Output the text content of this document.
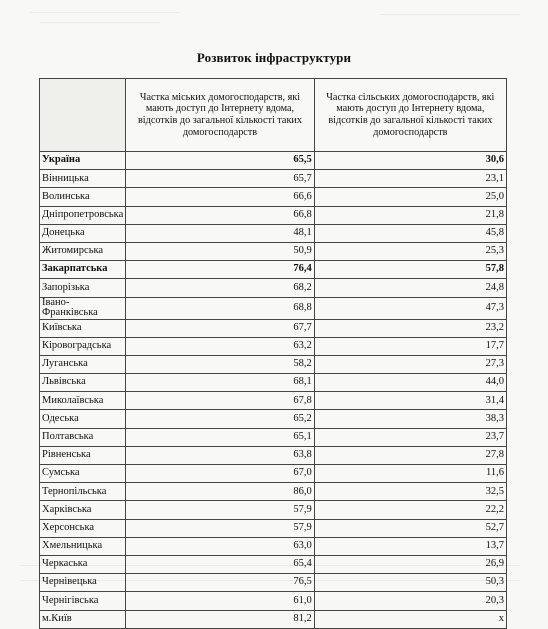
Розвиток інфраструктури
	Частка міських домогосподарств, які мають доступ до Інтернету вдома, відсотків до загальної кількості таких домогосподарств	Частка сільських домогосподарств, які мають доступ до Інтернету вдома, відсотків до загальної кількості таких домогосподарств
Україна	65,5	30,6
Вінницька	65,7	23,1
Волинська	66,6	25,0
Дніпропетровська	66,8	21,8
Донецька	48,1	45,8
Житомирська	50,9	25,3
Закарпатська	76,4	57,8
Запорізька	68,2	24,8
Івано-Франківська	68,8	47,3
Київська	67,7	23,2
Кіровоградська	63,2	17,7
Луганська	58,2	27,3
Львівська	68,1	44,0
Миколаївська	67,8	31,4
Одеська	65,2	38,3
Полтавська	65,1	23,7
Рівненська	63,8	27,8
Сумська	67,0	11,6
Тернопільська	86,0	32,5
Харківська	57,9	22,2
Херсонська	57,9	52,7
Хмельницька	63,0	13,7
Черкаська	65,4	26,9
Чернівецька	76,5	50,3
Чернігівська	61,0	20,3
м.Київ	81,2	x
